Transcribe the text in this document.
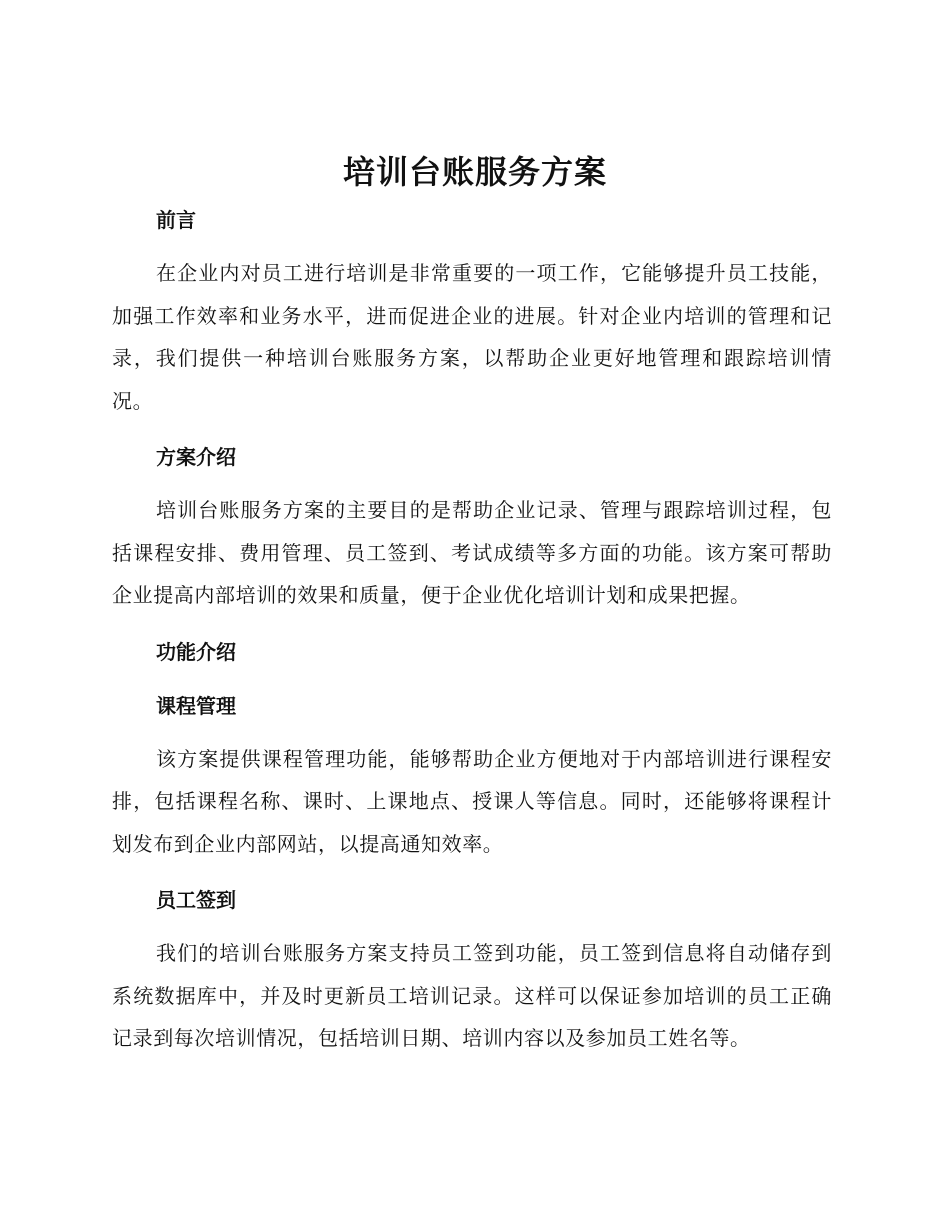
培训台账服务方案
前言

在企业内对员工进行培训是非常重要的一项工作，它能够提升员工技能，加强工作效率和业务水平，进而促进企业的进展。针对企业内培训的管理和记录，我们提供一种培训台账服务方案，以帮助企业更好地管理和跟踪培训情况。

方案介绍

培训台账服务方案的主要目的是帮助企业记录、管理与跟踪培训过程，包括课程安排、费用管理、员工签到、考试成绩等多方面的功能。该方案可帮助企业提高内部培训的效果和质量，便于企业优化培训计划和成果把握。

功能介绍
课程管理

该方案提供课程管理功能，能够帮助企业方便地对于内部培训进行课程安排，包括课程名称、课时、上课地点、授课人等信息。同时，还能够将课程计划发布到企业内部网站，以提高通知效率。

员工签到

我们的培训台账服务方案支持员工签到功能，员工签到信息将自动储存到系统数据库中，并及时更新员工培训记录。这样可以保证参加培训的员工正确记录到每次培训情况，包括培训日期、培训内容以及参加员工姓名等。
